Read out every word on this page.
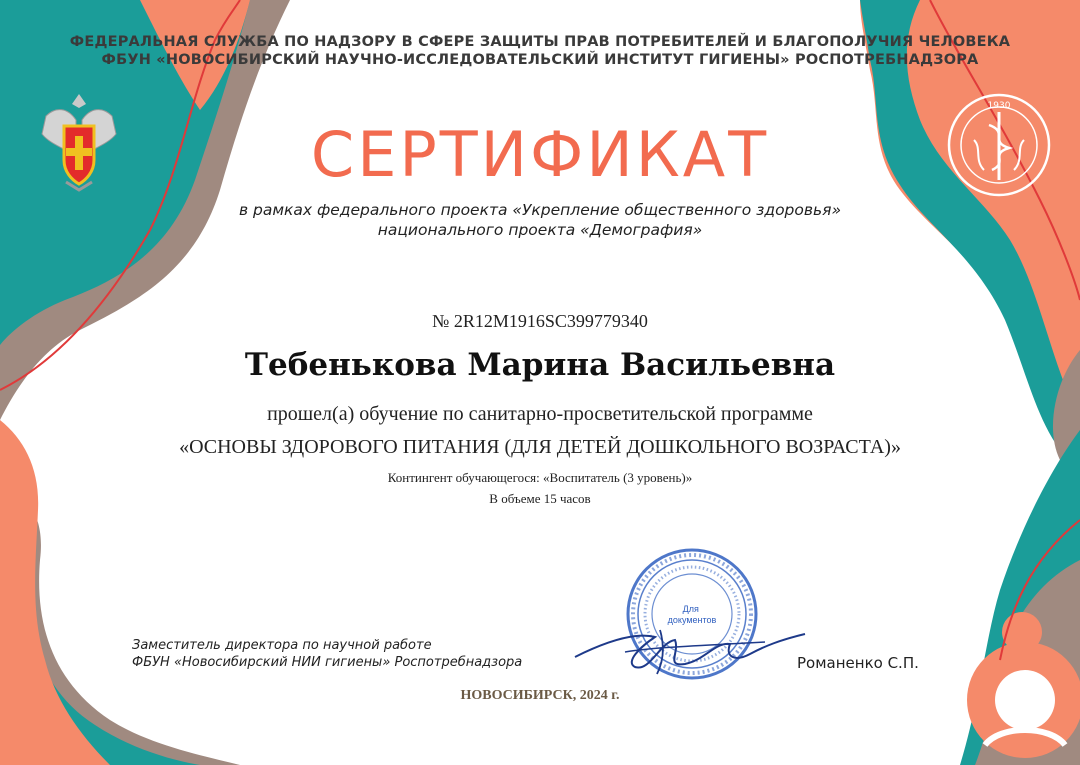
1930
ФЕДЕРАЛЬНАЯ СЛУЖБА ПО НАДЗОРУ В СФЕРЕ ЗАЩИТЫ ПРАВ ПОТРЕБИТЕЛЕЙ И БЛАГОПОЛУЧИЯ ЧЕЛОВЕКА
ФБУН «НОВОСИБИРСКИЙ НАУЧНО-ИССЛЕДОВАТЕЛЬСКИЙ ИНСТИТУТ ГИГИЕНЫ» РОСПОТРЕБНАДЗОРА
СЕРТИФИКАТ
в рамках федерального проекта «Укрепление общественного здоровья»
национального проекта «Демография»
№ 2R12M1916SC399779340
Тебенькова Марина Васильевна
прошел(а) обучение по санитарно-просветительской программе
«ОСНОВЫ ЗДОРОВОГО ПИТАНИЯ (ДЛЯ ДЕТЕЙ ДОШКОЛЬНОГО ВОЗРАСТА)»
Контингент обучающегося: «Воспитатель (3 уровень)»
В объеме 15 часов
Для документов
Заместитель директора по научной работе
ФБУН «Новосибирский НИИ гигиены» Роспотребнадзора	Романенко С.П.
НОВОСИБИРСК, 2024 г.
